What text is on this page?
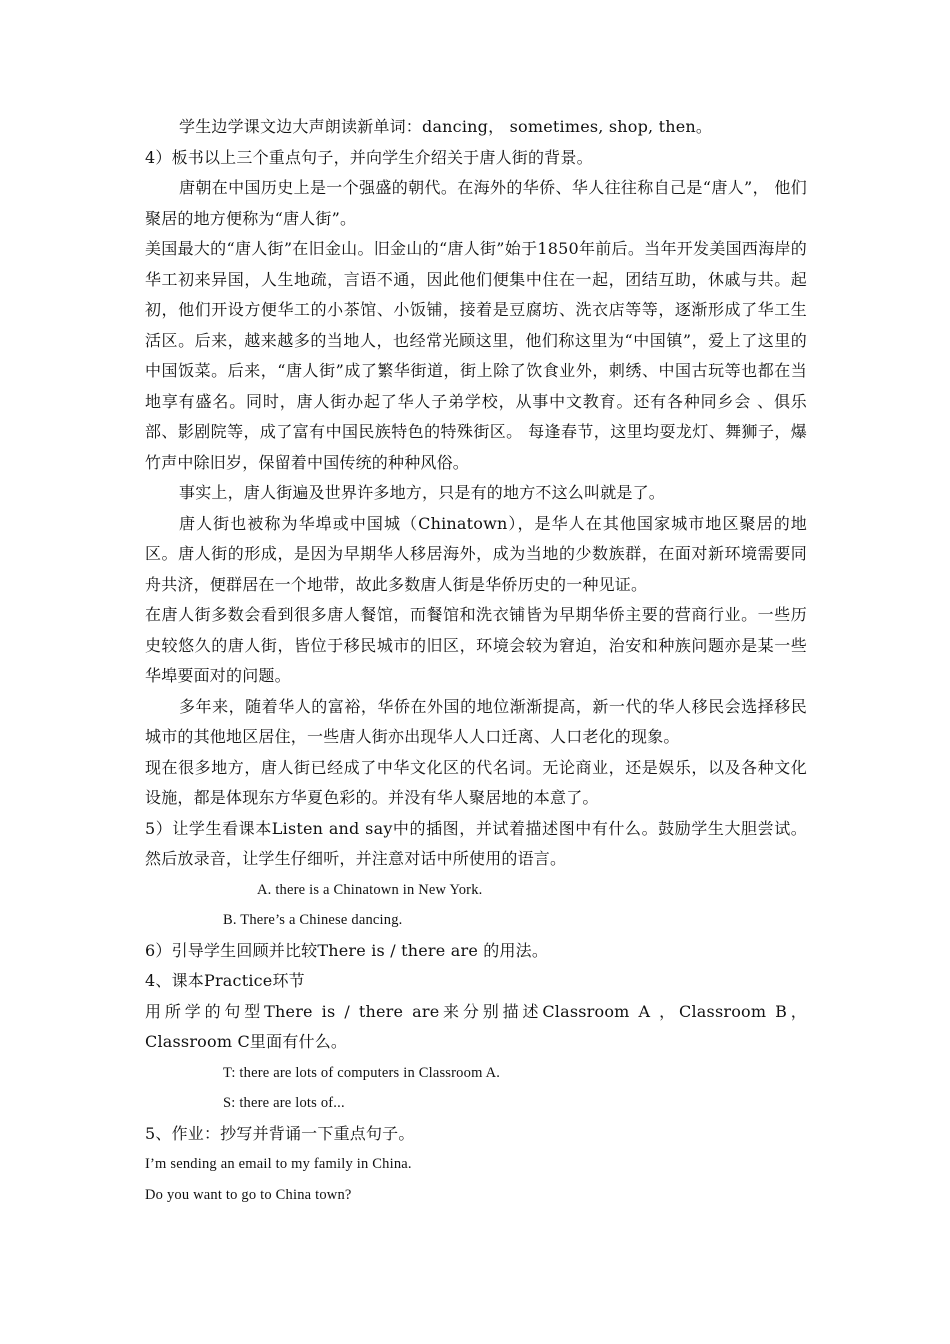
学生边学课文边大声朗读新单词：dancing， sometimes, shop, then。
4）板书以上三个重点句子，并向学生介绍关于唐人街的背景。
唐朝在中国历史上是一个强盛的朝代。在海外的华侨、华人往往称自己是“唐人”， 他们聚居的地方便称为“唐人街”。
美国最大的“唐人街”在旧金山。旧金山的“唐人街”始于1850年前后。当年开发美国西海岸的华工初来异国，人生地疏，言语不通，因此他们便集中住在一起，团结互助，休戚与共。起初，他们开设方便华工的小茶馆、小饭铺，接着是豆腐坊、洗衣店等等，逐渐形成了华工生活区。后来，越来越多的当地人，也经常光顾这里，他们称这里为“中国镇”，爱上了这里的中国饭菜。后来，“唐人街”成了繁华街道，街上除了饮食业外，刺绣、中国古玩等也都在当地享有盛名。同时，唐人街办起了华人子弟学校，从事中文教育。还有各种同乡会 、俱乐部、影剧院等，成了富有中国民族特色的特殊街区。 每逢春节，这里均耍龙灯、舞狮子，爆竹声中除旧岁，保留着中国传统的种种风俗。
事实上，唐人街遍及世界许多地方，只是有的地方不这么叫就是了。
唐人街也被称为华埠或中国城（Chinatown），是华人在其他国家城市地区聚居的地区。唐人街的形成，是因为早期华人移居海外，成为当地的少数族群，在面对新环境需要同舟共济，便群居在一个地带，故此多数唐人街是华侨历史的一种见证。
在唐人街多数会看到很多唐人餐馆，而餐馆和洗衣铺皆为早期华侨主要的营商行业。一些历史较悠久的唐人街，皆位于移民城市的旧区，环境会较为窘迫，治安和种族问题亦是某一些华埠要面对的问题。
多年来，随着华人的富裕，华侨在外国的地位渐渐提高，新一代的华人移民会选择移民城市的其他地区居住，一些唐人街亦出现华人人口迁离、人口老化的现象。
现在很多地方，唐人街已经成了中华文化区的代名词。无论商业，还是娱乐，以及各种文化设施，都是体现东方华夏色彩的。并没有华人聚居地的本意了。
5）让学生看课本Listen and say中的插图，并试着描述图中有什么。鼓励学生大胆尝试。然后放录音，让学生仔细听，并注意对话中所使用的语言。
A. there is a Chinatown in New York.
B. There’s a Chinese dancing.
6）引导学生回顾并比较There is / there are 的用法。
4、课本Practice环节
用所学的句型There is / there are来分别描述Classroom A ，Classroom B，Classroom C里面有什么。
T: there are lots of computers in Classroom A.
S: there are lots of...
5、作业：抄写并背诵一下重点句子。
I’m sending an email to my family in China.
Do you want to go to China town?
